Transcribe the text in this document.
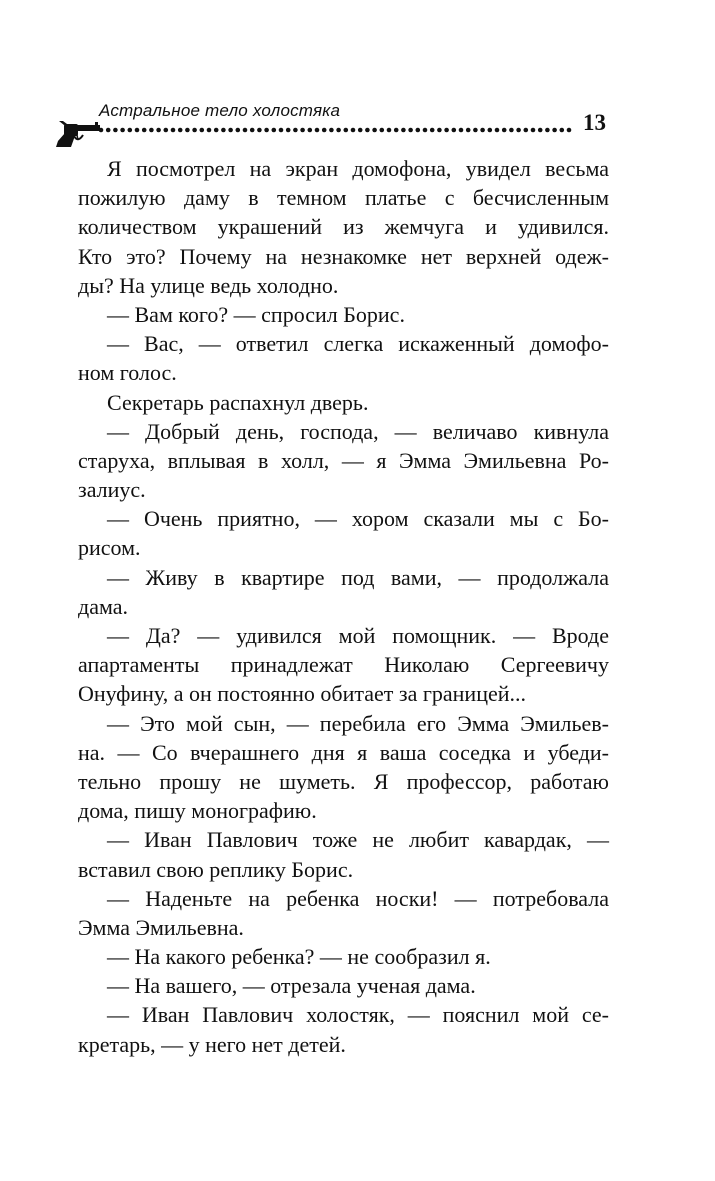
Астральное тело холостяка	13
Я посмотрел на экран домофона, увидел весьма
пожилую даму в темном платье с бесчисленным
количеством украшений из жемчуга и удивился.
Кто это? Почему на незнакомке нет верхней одеж-
ды? На улице ведь холодно.
— Вам кого? — спросил Борис.
— Вас, — ответил слегка искаженный домофо-
ном голос.
Секретарь распахнул дверь.
— Добрый день, господа, — величаво кивнула
старуха, вплывая в холл, — я Эмма Эмильевна Ро-
залиус.
— Очень приятно, — хором сказали мы с Бо-
рисом.
— Живу в квартире под вами, — продолжала
дама.
— Да? — удивился мой помощник. — Вроде
апартаменты принадлежат Николаю Сергеевичу
Онуфину, а он постоянно обитает за границей...
— Это мой сын, — перебила его Эмма Эмильев-
на. — Со вчерашнего дня я ваша соседка и убеди-
тельно прошу не шуметь. Я профессор, работаю
дома, пишу монографию.
— Иван Павлович тоже не любит кавардак, —
вставил свою реплику Борис.
— Наденьте на ребенка носки! — потребовала
Эмма Эмильевна.
— На какого ребенка? — не сообразил я.
— На вашего, — отрезала ученая дама.
— Иван Павлович холостяк, — пояснил мой се-
кретарь, — у него нет детей.
